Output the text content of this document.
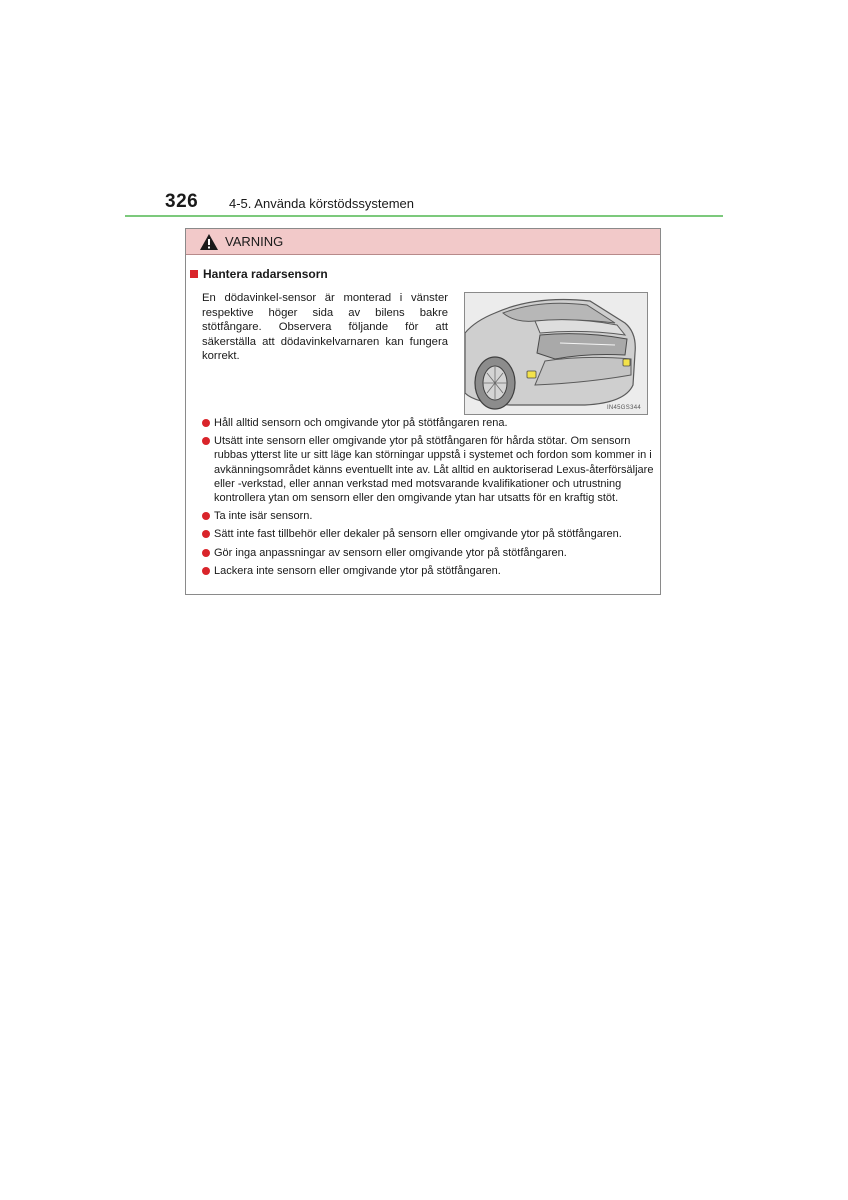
326 4-5. Använda körstödssystemen
VARNING
Hantera radarsensorn
En dödavinkel-sensor är monterad i vänster respektive höger sida av bilens bakre stötfångare. Observera följande för att säkerställa att dödavinkelvarnaren kan fungera korrekt.
IN45GS344
Håll alltid sensorn och omgivande ytor på stötfångaren rena.
Utsätt inte sensorn eller omgivande ytor på stötfångaren för hårda stötar. Om sensorn rubbas ytterst lite ur sitt läge kan störningar uppstå i systemet och fordon som kommer in i avkänningsområdet känns eventuellt inte av. Låt alltid en auktoriserad Lexus-återförsäljare eller -verkstad, eller annan verkstad med motsvarande kvalifikationer och utrustning kontrollera ytan om sensorn eller den omgivande ytan har utsatts för en kraftig stöt.
Ta inte isär sensorn.
Sätt inte fast tillbehör eller dekaler på sensorn eller omgivande ytor på stötfångaren.
Gör inga anpassningar av sensorn eller omgivande ytor på stötfångaren.
Lackera inte sensorn eller omgivande ytor på stötfångaren.
